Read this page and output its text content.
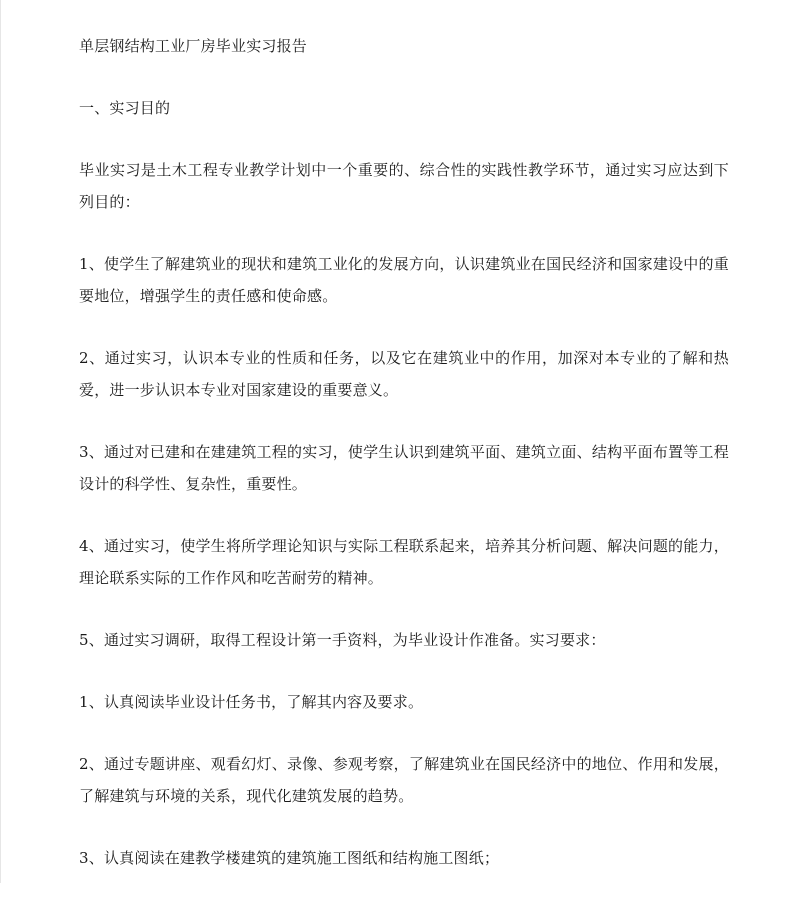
单层钢结构工业厂房毕业实习报告

一、实习目的

毕业实习是土木工程专业教学计划中一个重要的、综合性的实践性教学环节，通过实习应达到下列目的：

1、使学生了解建筑业的现状和建筑工业化的发展方向，认识建筑业在国民经济和国家建设中的重要地位，增强学生的责任感和使命感。

2、通过实习，认识本专业的性质和任务，以及它在建筑业中的作用，加深对本专业的了解和热爱，进一步认识本专业对国家建设的重要意义。

3、通过对已建和在建建筑工程的实习，使学生认识到建筑平面、建筑立面、结构平面布置等工程设计的科学性、复杂性，重要性。

4、通过实习，使学生将所学理论知识与实际工程联系起来，培养其分析问题、解决问题的能力，理论联系实际的工作作风和吃苦耐劳的精神。

5、通过实习调研，取得工程设计第一手资料，为毕业设计作准备。实习要求：

1、认真阅读毕业设计任务书，了解其内容及要求。

2、通过专题讲座、观看幻灯、录像、参观考察，了解建筑业在国民经济中的地位、作用和发展，了解建筑与环境的关系，现代化建筑发展的趋势。

3、认真阅读在建教学楼建筑的建筑施工图纸和结构施工图纸；
